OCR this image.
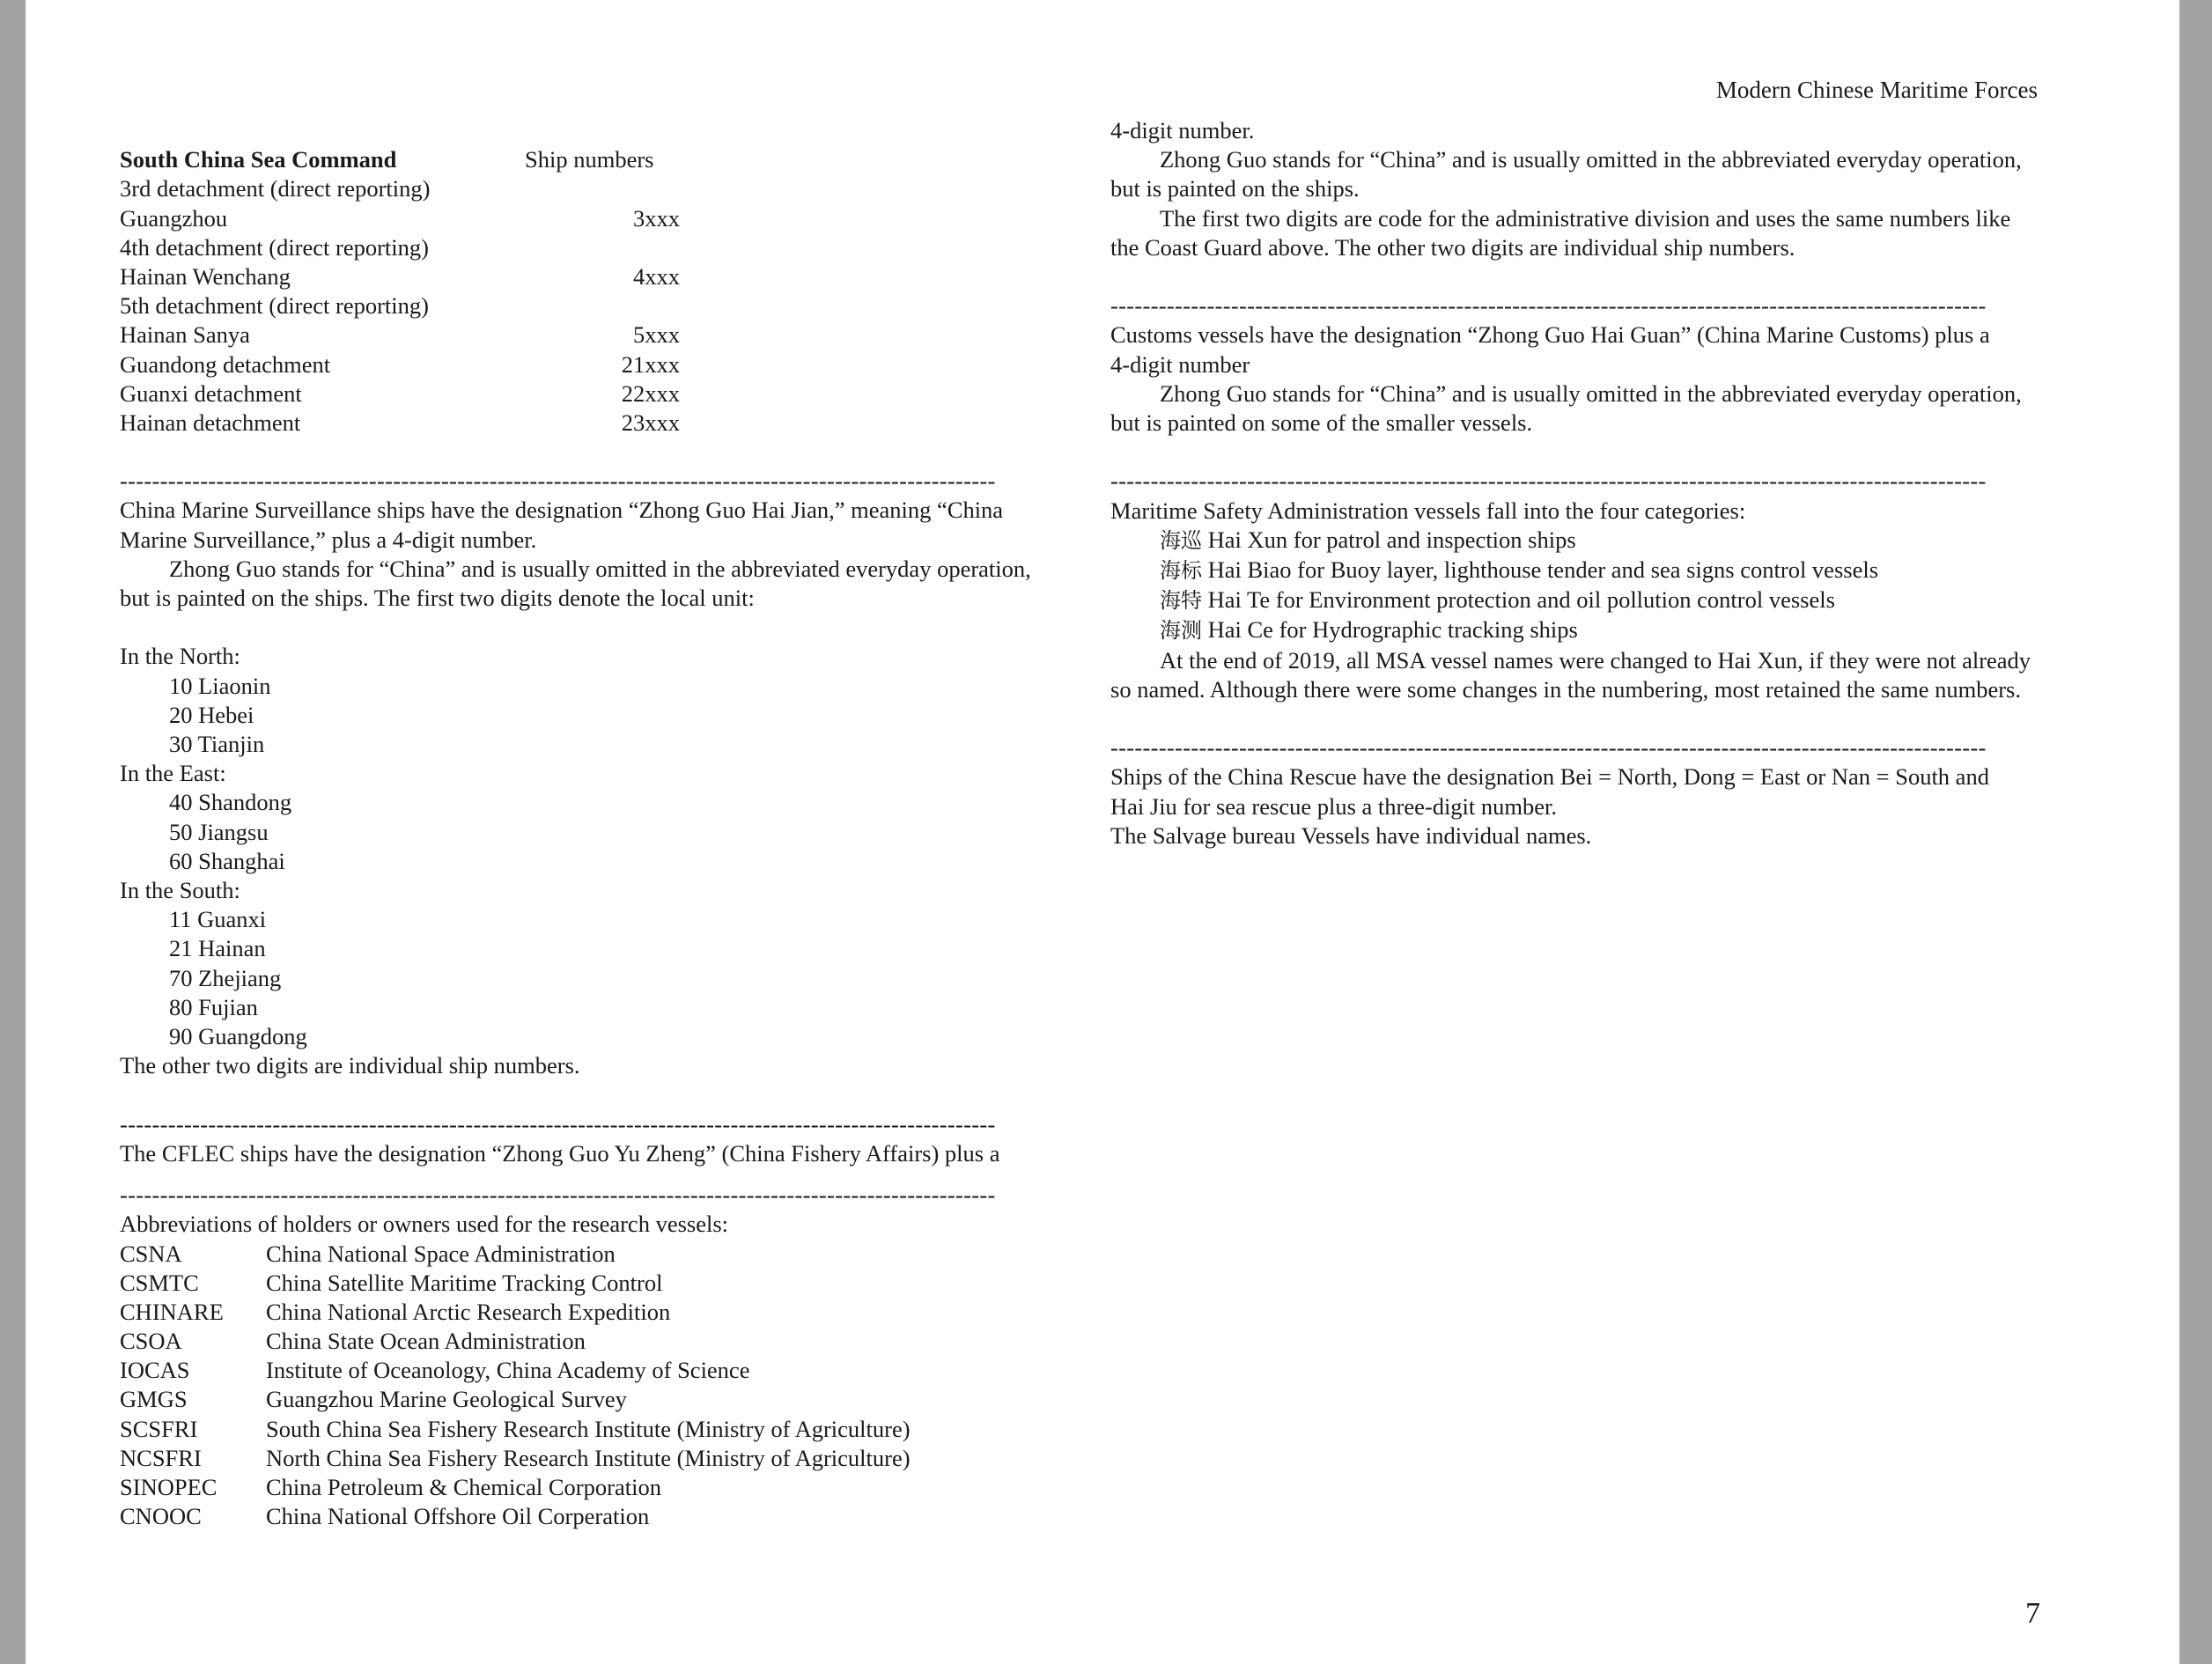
Modern Chinese Maritime Forces
South China Sea Command	Ship numbers
3rd detachment (direct reporting)
Guangzhou	3xxx
4th detachment (direct reporting)
Hainan Wenchang	4xxx
5th detachment (direct reporting)
Hainan Sanya	5xxx
Guandong detachment	21xxx
Guanxi detachment	22xxx
Hainan detachment	23xxx
-------------------------------------------------------------------------------------------------------------
China Marine Surveillance ships have the designation “Zhong Guo Hai Jian,” meaning “China
Marine Surveillance,” plus a 4-digit number.
Zhong Guo stands for “China” and is usually omitted in the abbreviated everyday operation,
but is painted on the ships. The first two digits denote the local unit:
In the North:
10 Liaonin
20 Hebei
30 Tianjin
In the East:
40 Shandong
50 Jiangsu
60 Shanghai
In the South:
11 Guanxi
21 Hainan
70 Zhejiang
80 Fujian
90 Guangdong
The other two digits are individual ship numbers.
-------------------------------------------------------------------------------------------------------------
The CFLEC ships have the designation “Zhong Guo Yu Zheng” (China Fishery Affairs) plus a
-------------------------------------------------------------------------------------------------------------
Abbreviations of holders or owners used for the research vessels:
CSNA	China National Space Administration
CSMTC	China Satellite Maritime Tracking Control
CHINARE	China National Arctic Research Expedition
CSOA	China State Ocean Administration
IOCAS	Institute of Oceanology, China Academy of Science
GMGS	Guangzhou Marine Geological Survey
SCSFRI	South China Sea Fishery Research Institute (Ministry of Agriculture)
NCSFRI	North China Sea Fishery Research Institute (Ministry of Agriculture)
SINOPEC	China Petroleum & Chemical Corporation
CNOOC	China National Offshore Oil Corperation
4-digit number.
Zhong Guo stands for “China” and is usually omitted in the abbreviated everyday operation,
but is painted on the ships.
The first two digits are code for the administrative division and uses the same numbers like
the Coast Guard above. The other two digits are individual ship numbers.
-------------------------------------------------------------------------------------------------------------
Customs vessels have the designation “Zhong Guo Hai Guan” (China Marine Customs) plus a
4-digit number
Zhong Guo stands for “China” and is usually omitted in the abbreviated everyday operation,
but is painted on some of the smaller vessels.
-------------------------------------------------------------------------------------------------------------
Maritime Safety Administration vessels fall into the four categories:
海巡 Hai Xun for patrol and inspection ships
海标 Hai Biao for Buoy layer, lighthouse tender and sea signs control vessels
海特 Hai Te for Environment protection and oil pollution control vessels
海测 Hai Ce for Hydrographic tracking ships
At the end of 2019, all MSA vessel names were changed to Hai Xun, if they were not already
so named. Although there were some changes in the numbering, most retained the same numbers.
-------------------------------------------------------------------------------------------------------------
Ships of the China Rescue have the designation Bei = North, Dong = East or Nan = South and
Hai Jiu for sea rescue plus a three-digit number.
The Salvage bureau Vessels have individual names.
7
